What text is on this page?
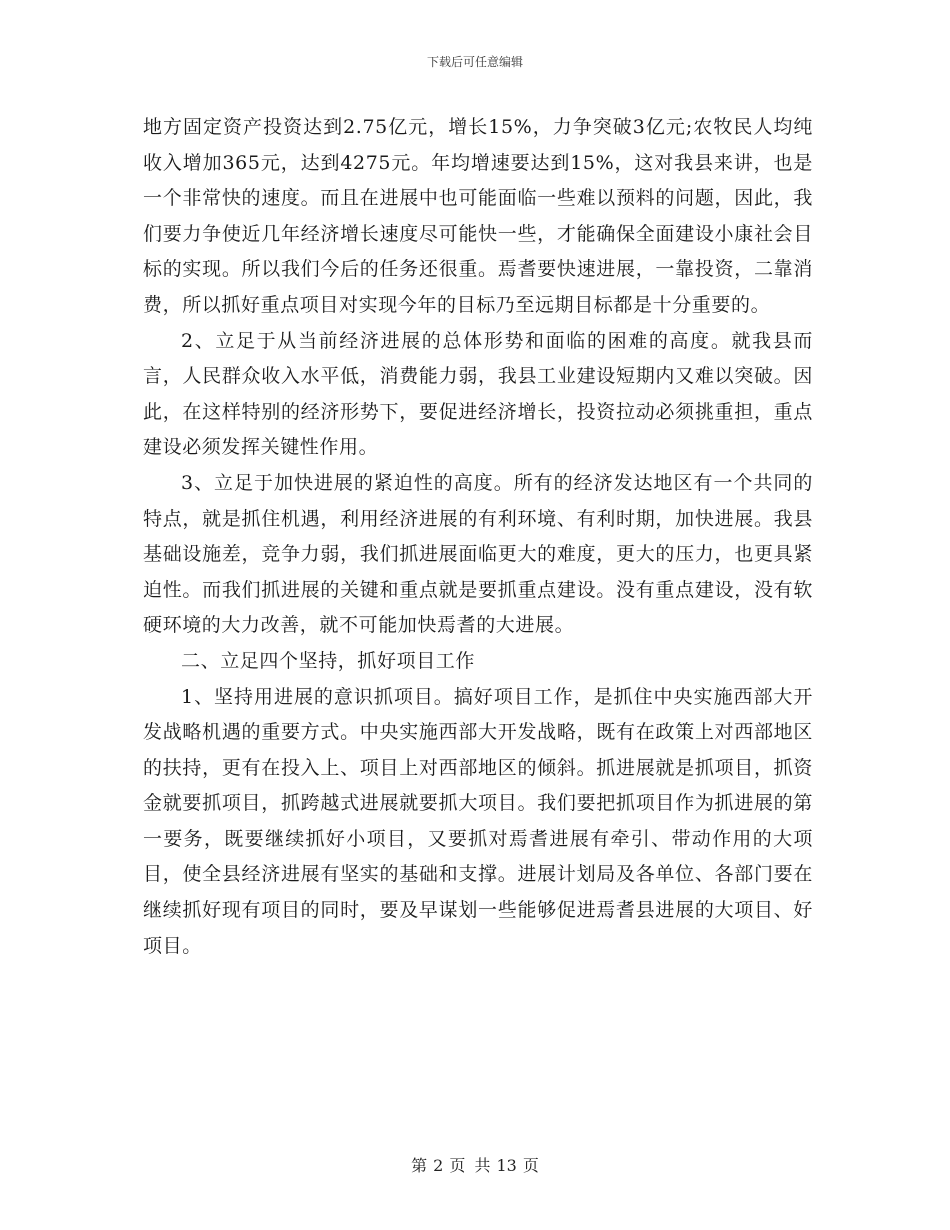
下载后可任意编辑

地方固定资产投资达到2.75亿元，增长15%，力争突破3亿元;农牧民人均纯收入增加365元，达到4275元。年均增速要达到15%，这对我县来讲，也是一个非常快的速度。而且在进展中也可能面临一些难以预料的问题，因此，我们要力争使近几年经济增长速度尽可能快一些，才能确保全面建设小康社会目标的实现。所以我们今后的任务还很重。焉耆要快速进展，一靠投资，二靠消费，所以抓好重点项目对实现今年的目标乃至远期目标都是十分重要的。

2、立足于从当前经济进展的总体形势和面临的困难的高度。就我县而言，人民群众收入水平低，消费能力弱，我县工业建设短期内又难以突破。因此，在这样特别的经济形势下，要促进经济增长，投资拉动必须挑重担，重点建设必须发挥关键性作用。

3、立足于加快进展的紧迫性的高度。所有的经济发达地区有一个共同的特点，就是抓住机遇，利用经济进展的有利环境、有利时期，加快进展。我县基础设施差，竞争力弱，我们抓进展面临更大的难度，更大的压力，也更具紧迫性。而我们抓进展的关键和重点就是要抓重点建设。没有重点建设，没有软硬环境的大力改善，就不可能加快焉耆的大进展。

二、立足四个坚持，抓好项目工作

1、坚持用进展的意识抓项目。搞好项目工作，是抓住中央实施西部大开发战略机遇的重要方式。中央实施西部大开发战略，既有在政策上对西部地区的扶持，更有在投入上、项目上对西部地区的倾斜。抓进展就是抓项目，抓资金就要抓项目，抓跨越式进展就要抓大项目。我们要把抓项目作为抓进展的第一要务，既要继续抓好小项目，又要抓对焉耆进展有牵引、带动作用的大项目，使全县经济进展有坚实的基础和支撑。进展计划局及各单位、各部门要在继续抓好现有项目的同时，要及早谋划一些能够促进焉耆县进展的大项目、好项目。

第 2 页 共 13 页
